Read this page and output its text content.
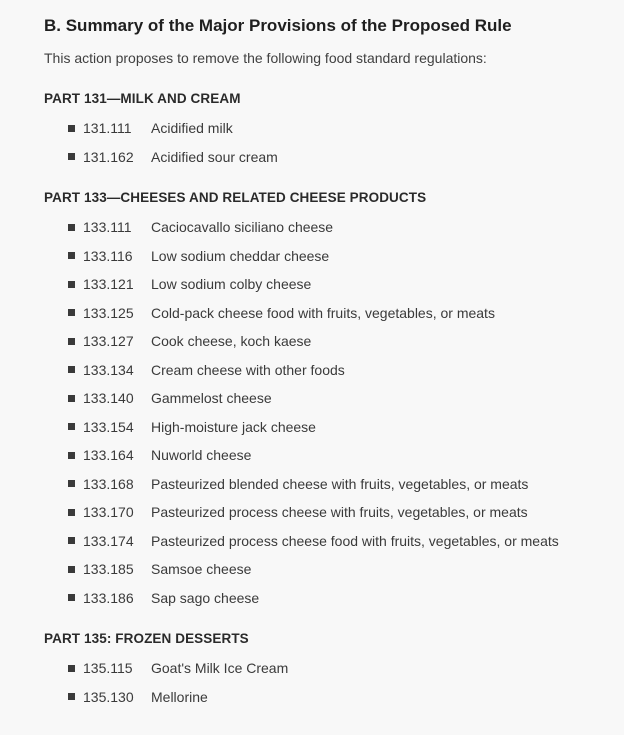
B. Summary of the Major Provisions of the Proposed Rule

This action proposes to remove the following food standard regulations:

PART 131—MILK AND CREAM
131.111	Acidified milk
131.162	Acidified sour cream
PART 133—CHEESES AND RELATED CHEESE PRODUCTS
133.111	Caciocavallo siciliano cheese
133.116	Low sodium cheddar cheese
133.121	Low sodium colby cheese
133.125	Cold-pack cheese food with fruits, vegetables, or meats
133.127	Cook cheese, koch kaese
133.134	Cream cheese with other foods
133.140	Gammelost cheese
133.154	High-moisture jack cheese
133.164	Nuworld cheese
133.168	Pasteurized blended cheese with fruits, vegetables, or meats
133.170	Pasteurized process cheese with fruits, vegetables, or meats
133.174	Pasteurized process cheese food with fruits, vegetables, or meats
133.185	Samsoe cheese
133.186	Sap sago cheese
PART 135: FROZEN DESSERTS
135.115	Goat's Milk Ice Cream
135.130	Mellorine
